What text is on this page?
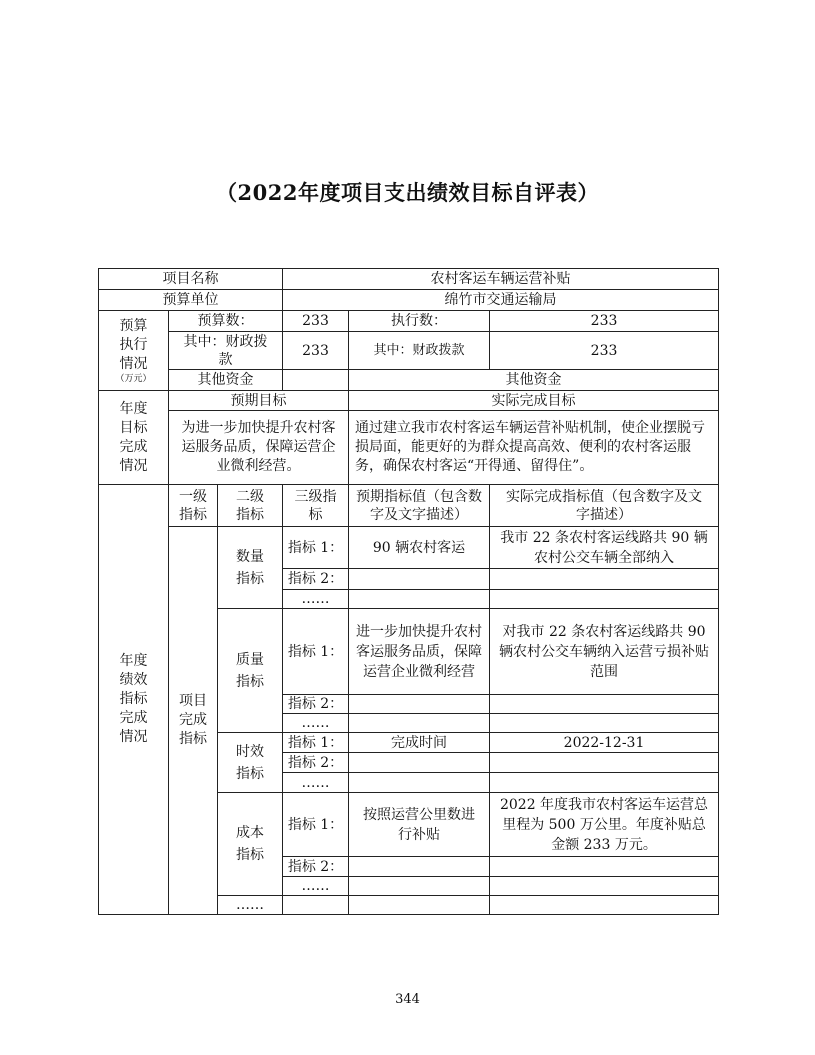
（2022年度项目支出绩效目标自评表）
项目名称			农村客运车辆运营补贴			
预算单位			绵竹市交通运输局			

预算执行情况
（万元）	预算数：		233	执行数：	233	

	其中：财政拨款		233	其中：财政拨款	233	
	其他资金			其他资金		

年度目标完成情况	预期目标			实际完成目标		
	为进一步加快提升农村客运服务品质，保障运营企业微利经营。			通过建立我市农村客运车辆运营补贴机制，使企业摆脱亏损局面，能更好的为群众提高高效、便利的农村客运服务，确保农村客运“开得通、留得住”。		

年度绩效指标完成情况	一级指标	二级指标	三级指标	预期指标值（包含数字及文字描述）	实际完成指标值（包含数字及文字描述）	

	项目完成指标	数量指标	指标 1：	90 辆农村客运	我市 22 条农村客运线路共 90 辆农村公交车辆全部纳入	
			指标 2：			
			……			

		质量指标	指标 1：	进一步加快提升农村客运服务品质，保障运营企业微利经营	对我市 22 条农村客运线路共 90 辆农村公交车辆纳入运营亏损补贴范围	
			指标 2：			
			……			

		时效指标	指标 1：	完成时间	2022-12-31	
			指标 2：			
			……			

		成本指标	指标 1：	按照运营公里数进行补贴	2022 年度我市农村客运车运营总里程为 500 万公里。年度补贴总金额 233 万元。	
			指标 2：			
			……			
		……				
344
